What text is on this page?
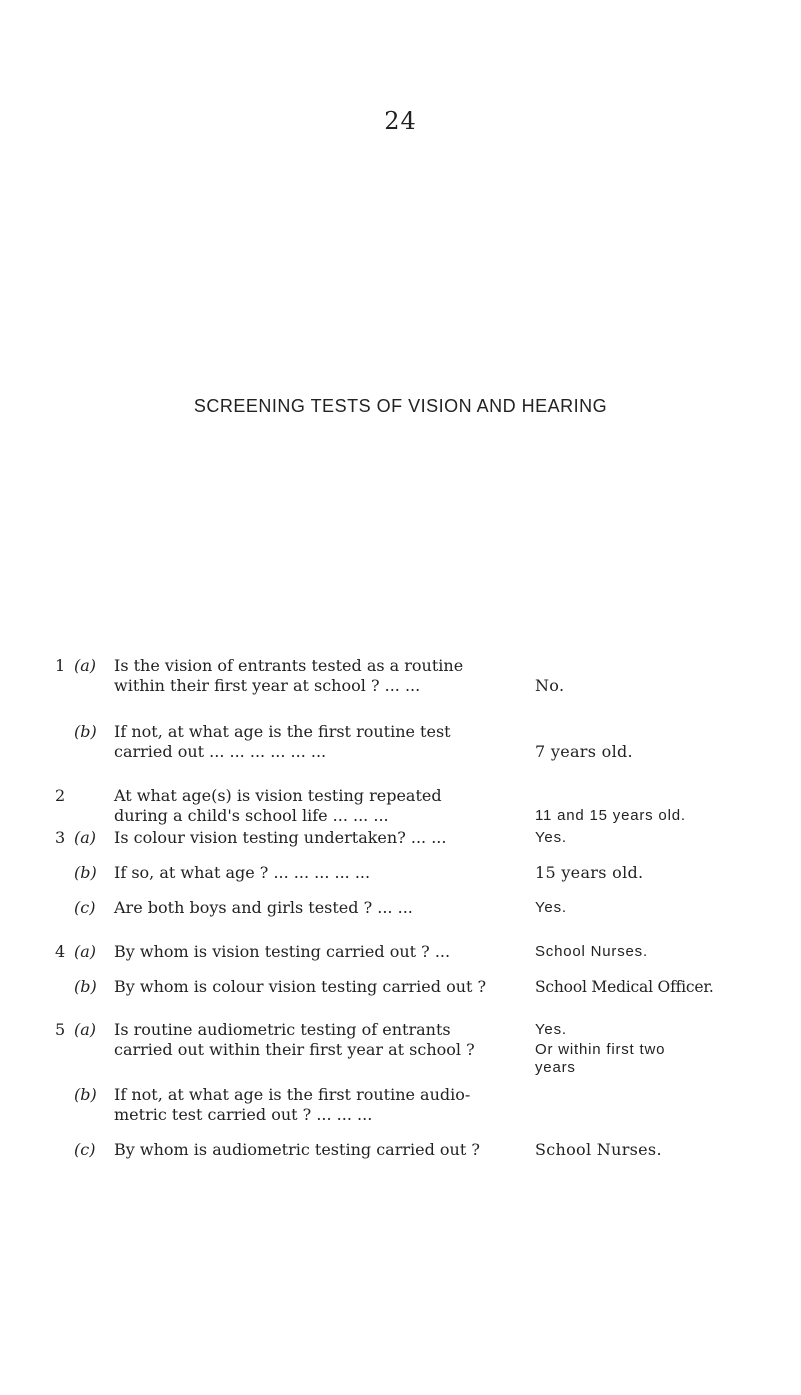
24
SCREENING TESTS OF VISION AND HEARING
1 (a)	Is the vision of entrants tested as a routine
within their first year at school ? ... ...	No.
(b)	If not, at what age is the first routine test
carried out ... ... ... ... ... ...	7 years old.
2	At what age(s) is vision testing repeated
during a child's school life ... ... ...	11 and 15 years old.
3 (a)	Is colour vision testing undertaken? ... ...	Yes.
(b)	If so, at what age ? ... ... ... ... ...	15 years old.
(c)	Are both boys and girls tested ? ... ...	Yes.
4 (a)	By whom is vision testing carried out ? ...	School Nurses.
(b)	By whom is colour vision testing carried out ?	School Medical Officer.
5 (a)	Is routine audiometric testing of entrants	Yes.
carried out within their first year at school ?	Or within first two
years
(b)	If not, at what age is the first routine audio-
metric test carried out ? ... ... ...
(c)	By whom is audiometric testing carried out ?	School Nurses.
